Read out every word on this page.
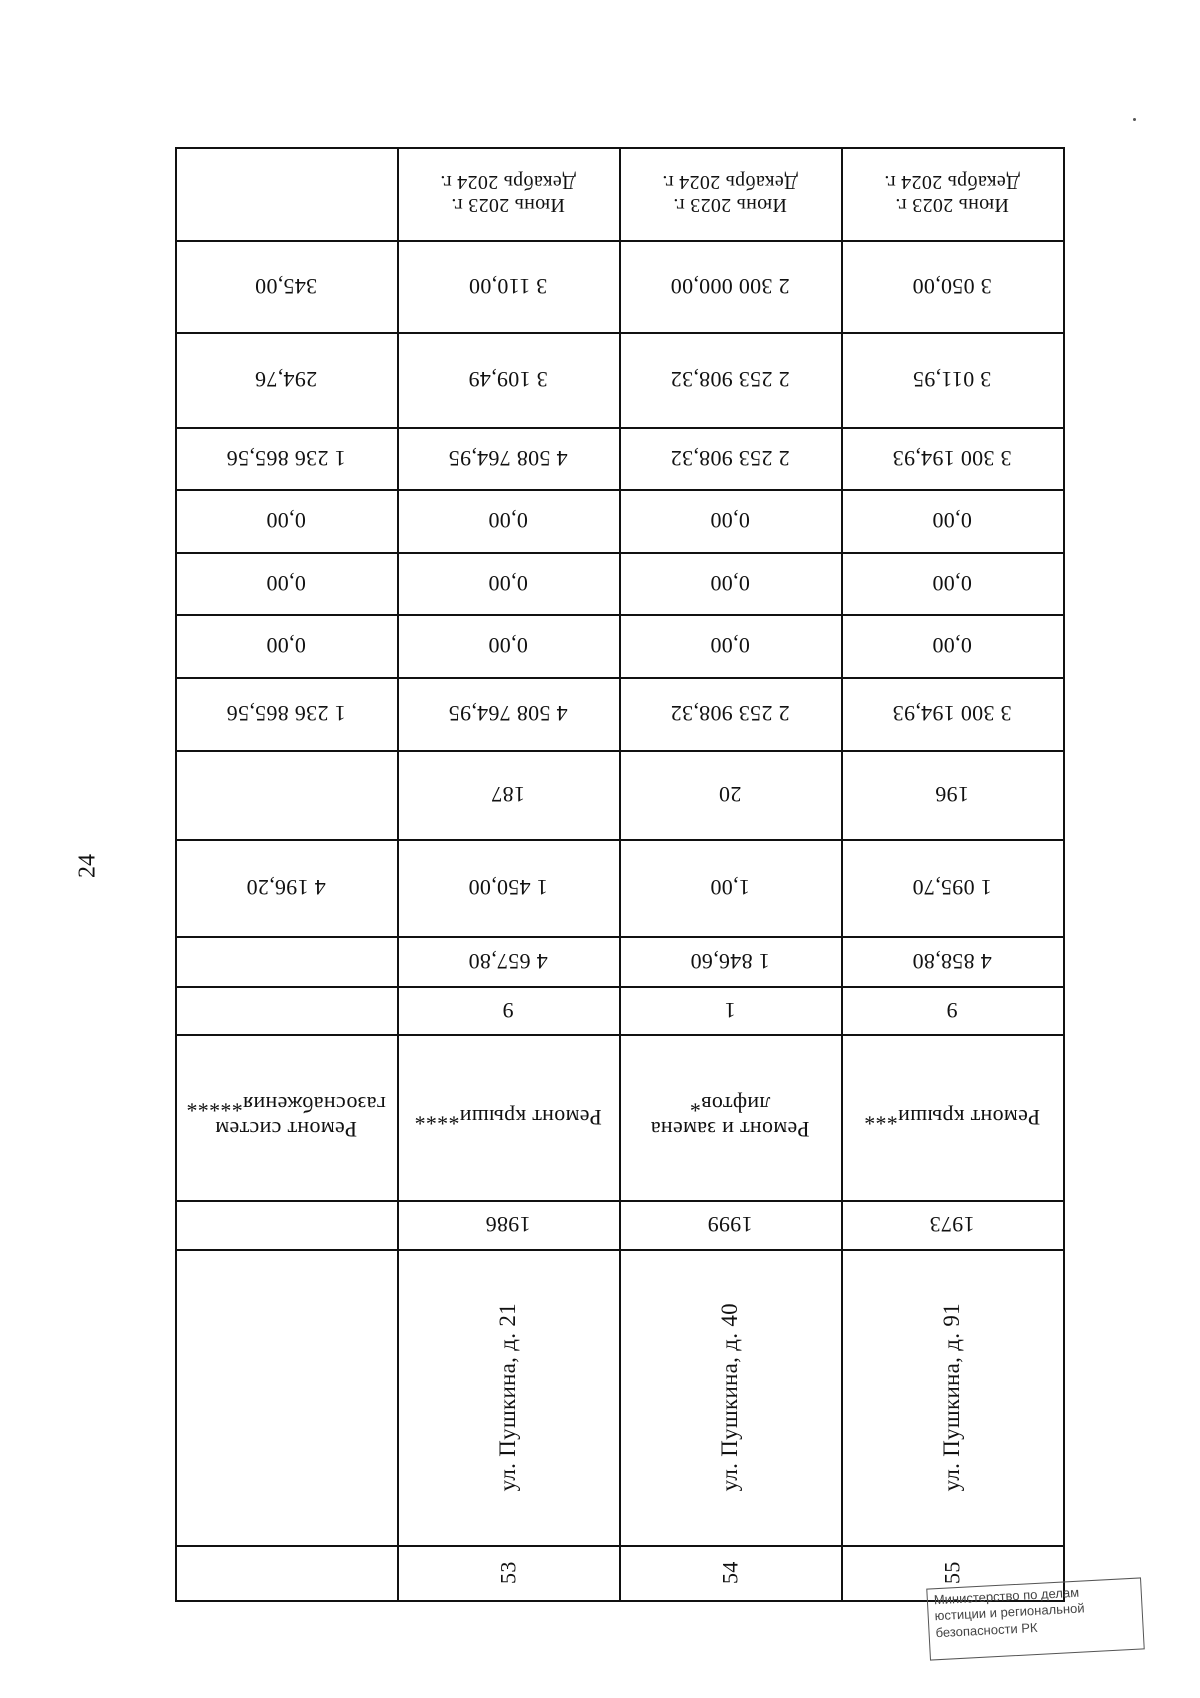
24
Июнь 2023 г.
Декабрь 2024 г.
3 050,00
3 011,95
3 300 194,93
0,00
0,00
0,00
3 300 194,93
196
1 095,70
4 858,80
9
Ремонт крыши***
1973
ул. Пушкина, д. 91
55
Июнь 2023 г.
Декабрь 2024 г.
2 300 000,00
2 253 908,32
2 253 908,32
0,00
0,00
0,00
2 253 908,32
20
1,00
1 846,60
1
Ремонт и замена
лифтов*
1999
ул. Пушкина, д. 40
54
Июнь 2023 г.
Декабрь 2024 г.
3 110,00
3 109,49
4 508 764,95
0,00
0,00
0,00
4 508 764,95
187
1 450,00
4 657,80
9
Ремонт крыши****
1986
ул. Пушкина, д. 21
53
345,00
294,76
1 236 865,56
0,00
0,00
0,00
1 236 865,56
4 196,20
Ремонт систем
газоснабжения*****
Министерство по делам
юстиции и региональной
безопасности РК
